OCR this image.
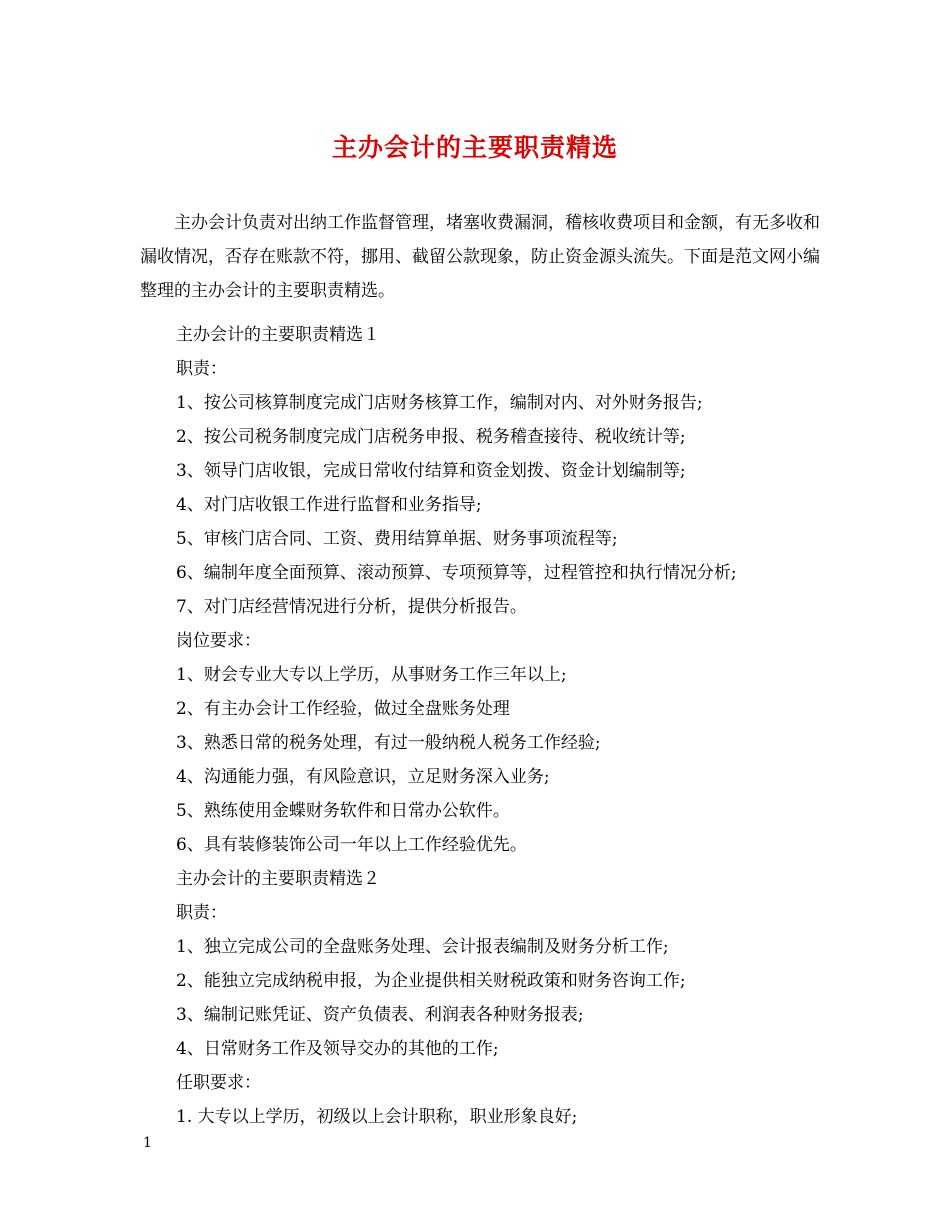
主办会计的主要职责精选

主办会计负责对出纳工作监督管理，堵塞收费漏洞，稽核收费项目和金额，有无多收和漏收情况，否存在账款不符，挪用、截留公款现象，防止资金源头流失。下面是范文网小编整理的主办会计的主要职责精选。

主办会计的主要职责精选１
职责：
1、按公司核算制度完成门店财务核算工作，编制对内、对外财务报告;
2、按公司税务制度完成门店税务申报、税务稽查接待、税收统计等;
3、领导门店收银，完成日常收付结算和资金划拨、资金计划编制等;
4、对门店收银工作进行监督和业务指导;
5、审核门店合同、工资、费用结算单据、财务事项流程等;
6、编制年度全面预算、滚动预算、专项预算等，过程管控和执行情况分析;
7、对门店经营情况进行分析，提供分析报告。
岗位要求：
1、财会专业大专以上学历，从事财务工作三年以上;
2、有主办会计工作经验，做过全盘账务处理
3、熟悉日常的税务处理，有过一般纳税人税务工作经验;
4、沟通能力强，有风险意识，立足财务深入业务;
5、熟练使用金蝶财务软件和日常办公软件。
6、具有装修装饰公司一年以上工作经验优先。
主办会计的主要职责精选２
职责：
1、独立完成公司的全盘账务处理、会计报表编制及财务分析工作;
2、能独立完成纳税申报，为企业提供相关财税政策和财务咨询工作;
3、编制记账凭证、资产负债表、利润表各种财务报表;
4、日常财务工作及领导交办的其他的工作;
任职要求：
1. 大专以上学历，初级以上会计职称，职业形象良好;
1
